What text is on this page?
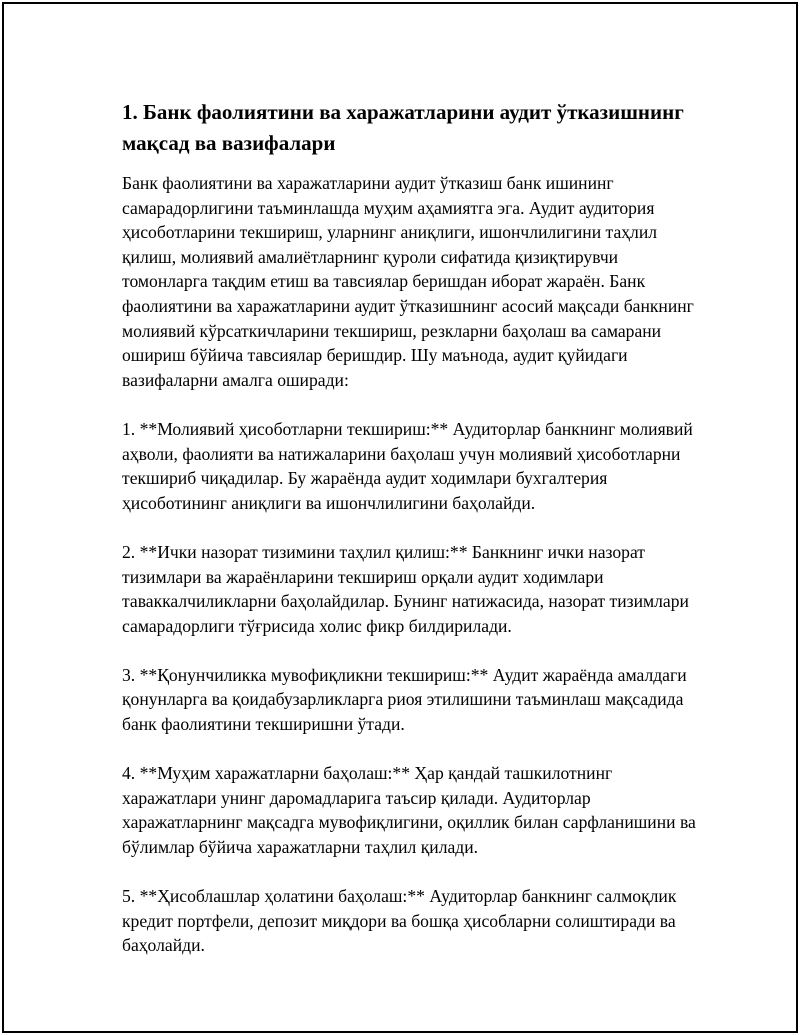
1. Банк фаолиятини ва харажатларини аудит ўтказишнинг мақсад ва вазифалари

Банк фаолиятини ва харажатларини аудит ўтказиш банк ишининг самарадорлигини таъминлашда муҳим аҳамиятга эга. Аудит аудитория ҳисоботларини текшириш, уларнинг аниқлиги, ишончлилигини таҳлил қилиш, молиявий амалиётларнинг қуроли сифатида қизиқтирувчи томонларга тақдим етиш ва тавсиялар беришдан иборат жараён. Банк фаолиятини ва харажатларини аудит ўтказишнинг асосий мақсади банкнинг молиявий кўрсаткичларини текшириш, резкларни баҳолаш ва самарани ошириш бўйича тавсиялар беришдир. Шу маънода, аудит қуйидаги вазифаларни амалга оширади:

1. **Молиявий ҳисоботларни текшириш:** Аудиторлар банкнинг молиявий аҳволи, фаолияти ва натижаларини баҳолаш учун молиявий ҳисоботларни текшириб чиқадилар. Бу жараёнда аудит ходимлари бухгалтерия ҳисоботининг аниқлиги ва ишончлилигини баҳолайди.

2. **Ички назорат тизимини таҳлил қилиш:** Банкнинг ички назорат тизимлари ва жараёнларини текшириш орқали аудит ходимлари таваккалчиликларни баҳолайдилар. Бунинг натижасида, назорат тизимлари самарадорлиги тўғрисида холис фикр билдирилади.

3. **Қонунчиликка мувофиқликни текшириш:** Аудит жараёнда амалдаги қонунларга ва қоидабузарликларга риоя этилишини таъминлаш мақсадида банк фаолиятини текширишни ўтади.

4. **Муҳим харажатларни баҳолаш:** Ҳар қандай ташкилотнинг харажатлари унинг даромадларига таъсир қилади. Аудиторлар харажатларнинг мақсадга мувофиқлигини, оқиллик билан сарфланишини ва бўлимлар бўйича харажатларни таҳлил қилади.

5. **Ҳисоблашлар ҳолатини баҳолаш:** Аудиторлар банкнинг салмоқлик кредит портфели, депозит миқдори ва бошқа ҳисобларни солиштиради ва баҳолайди.
